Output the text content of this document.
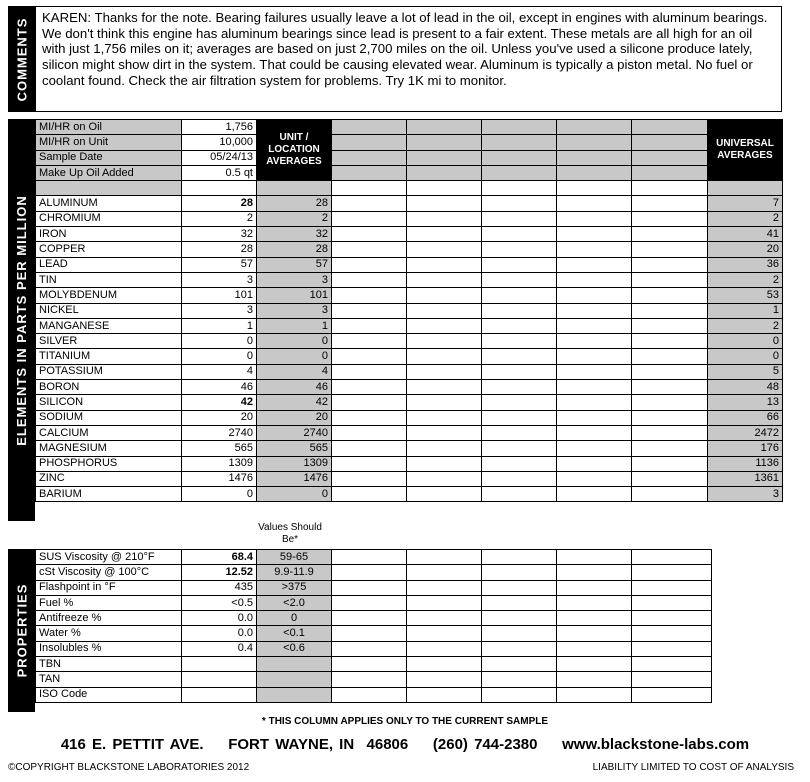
COMMENTS KAREN: Thanks for the note. Bearing failures usually leave a lot of lead in the oil, except in engines with aluminum bearings. We don't think this engine has aluminum bearings since lead is present to a fair extent. These metals are all high for an oil with just 1,756 miles on it; averages are based on just 2,700 miles on the oil. Unless you've used a silicone produce lately, silicon might show dirt in the system. That could be causing elevated wear. Aluminum is typically a piston metal. No fuel or coolant found. Check the air filtration system for problems. Try 1K mi to monitor.
ELEMENTS IN PARTS PER MILLION
MI/HR on Oil	1,756	UNIT / LOCATION AVERAGES						UNIVERSAL AVERAGES
MI/HR on Unit	10,000							
Sample Date	05/24/13							
Make Up Oil Added	0.5 qt							

ALUMINUM	28	28						7
CHROMIUM	2	2						2
IRON	32	32						41
COPPER	28	28						20
LEAD	57	57						36
TIN	3	3						2
MOLYBDENUM	101	101						53
NICKEL	3	3						1
MANGANESE	1	1						2
SILVER	0	0						0
TITANIUM	0	0						0
POTASSIUM	4	4						5
BORON	46	46						48
SILICON	42	42						13
SODIUM	20	20						66
CALCIUM	2740	2740						2472
MAGNESIUM	565	565						176
PHOSPHORUS	1309	1309						1136
ZINC	1476	1476						1361
BARIUM	0	0						3
Values Should Be*
PROPERTIES
SUS Viscosity @ 210°F	68.4	59-65					
cSt Viscosity @ 100°C	12.52	9.9-11.9					
Flashpoint in °F	435	>375					
Fuel %	<0.5	<2.0					
Antifreeze %	0.0	0					
Water %	0.0	<0.1					
Insolubles %	0.4	<0.6					
TBN							
TAN							
ISO Code							
* THIS COLUMN APPLIES ONLY TO THE CURRENT SAMPLE
416 E. PETTIT AVE.    FORT WAYNE, IN  46806    (260) 744-2380    www.blackstone-labs.com
©COPYRIGHT BLACKSTONE LABORATORIES 2012	LIABILITY LIMITED TO COST OF ANALYSIS
